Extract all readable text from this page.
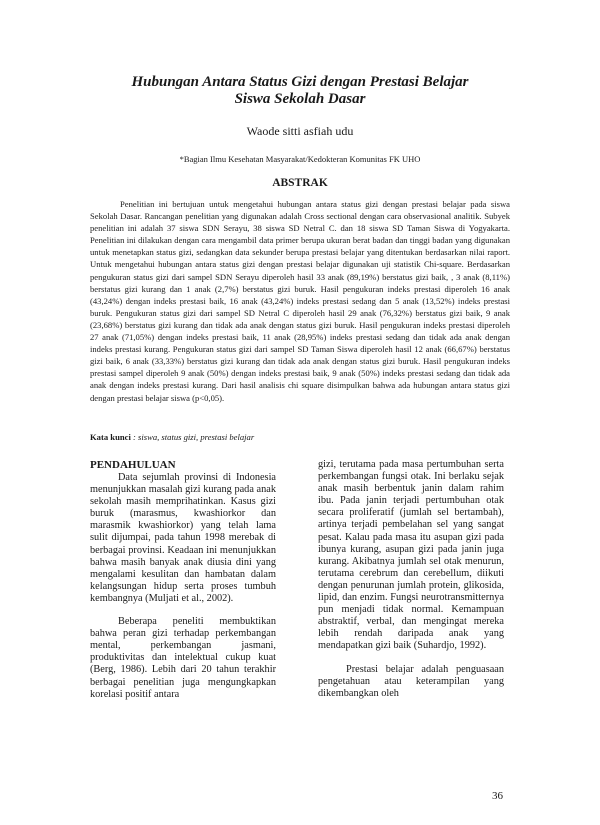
Hubungan Antara Status Gizi dengan Prestasi Belajar
Siswa Sekolah Dasar
Waode sitti asfiah udu
*Bagian Ilmu Kesehatan Masyarakat/Kedokteran Komunitas FK UHO
ABSTRAK

Penelitian ini bertujuan untuk mengetahui hubungan antara status gizi dengan prestasi belajar pada siswa Sekolah Dasar. Rancangan penelitian yang digunakan adalah Cross sectional dengan cara observasional analitik. Subyek penelitian ini adalah 37 siswa SDN Serayu, 38 siswa SD Netral C. dan 18 siswa SD Taman Siswa di Yogyakarta. Penelitian ini dilakukan dengan cara mengambil data primer berupa ukuran berat badan dan tinggi badan yang digunakan untuk menetapkan status gizi, sedangkan data sekunder berupa prestasi belajar yang ditentukan berdasarkan nilai raport. Untuk mengetahui hubungan antara status gizi dengan prestasi belajar digunakan uji statistik Chi-square. Berdasarkan pengukuran status gizi dari sampel SDN Serayu diperoleh hasil 33 anak (89,19%) berstatus gizi baik, , 3 anak (8,11%) berstatus gizi kurang dan 1 anak (2,7%) berstatus gizi buruk. Hasil pengukuran indeks prestasi diperoleh 16 anak (43,24%) dengan indeks prestasi baik, 16 anak (43,24%) indeks prestasi sedang dan 5 anak (13,52%) indeks prestasi buruk. Pengukuran status gizi dari sampel SD Netral C diperoleh hasil 29 anak (76,32%) berstatus gizi baik, 9 anak (23,68%) berstatus gizi kurang dan tidak ada anak dengan status gizi buruk. Hasil pengukuran indeks prestasi diperoleh 27 anak (71,05%) dengan indeks prestasi baik, 11 anak (28,95%) indeks prestasi sedang dan tidak ada anak dengan indeks prestasi kurang. Pengukuran status gizi dari sampel SD Taman Siswa diperoleh hasil 12 anak (66,67%) berstatus gizi baik, 6 anak (33,33%) berstatus gizi kurang dan tidak ada anak dengan status gizi buruk. Hasil pengukuran indeks prestasi sampel diperoleh 9 anak (50%) dengan indeks prestasi baik, 9 anak (50%) indeks prestasi sedang dan tidak ada anak dengan indeks prestasi kurang. Dari hasil analisis chi square disimpulkan bahwa ada hubungan antara status gizi dengan prestasi belajar siswa (p<0,05).

Kata kunci : siswa, status gizi, prestasi belajar
PENDAHULUAN

Data sejumlah provinsi di Indonesia menunjukkan masalah gizi kurang pada anak sekolah masih memprihatinkan. Kasus gizi buruk (marasmus, kwashiorkor dan marasmik kwashiorkor) yang telah lama sulit dijumpai, pada tahun 1998 merebak di berbagai provinsi. Keadaan ini menunjukkan bahwa masih banyak anak diusia dini yang mengalami kesulitan dan hambatan dalam kelangsungan hidup serta proses tumbuh kembangnya (Muljati et al., 2002).

Beberapa peneliti membuktikan bahwa peran gizi terhadap perkembangan mental, perkembangan jasmani, produktivitas dan intelektual cukup kuat (Berg, 1986). Lebih dari 20 tahun terakhir berbagai penelitian juga mengungkapkan korelasi positif antara

gizi, terutama pada masa pertumbuhan serta perkembangan fungsi otak. Ini berlaku sejak anak masih berbentuk janin dalam rahim ibu. Pada janin terjadi pertumbuhan otak secara proliferatif (jumlah sel bertambah), artinya terjadi pembelahan sel yang sangat pesat. Kalau pada masa itu asupan gizi pada ibunya kurang, asupan gizi pada janin juga kurang. Akibatnya jumlah sel otak menurun, terutama cerebrum dan cerebellum, diikuti dengan penurunan jumlah protein, glikosida, lipid, dan enzim. Fungsi neurotransmitternya pun menjadi tidak normal. Kemampuan abstraktif, verbal, dan mengingat mereka lebih rendah daripada anak yang mendapatkan gizi baik (Suhardjo, 1992).

Prestasi belajar adalah penguasaan pengetahuan atau keterampilan yang dikembangkan oleh

36
